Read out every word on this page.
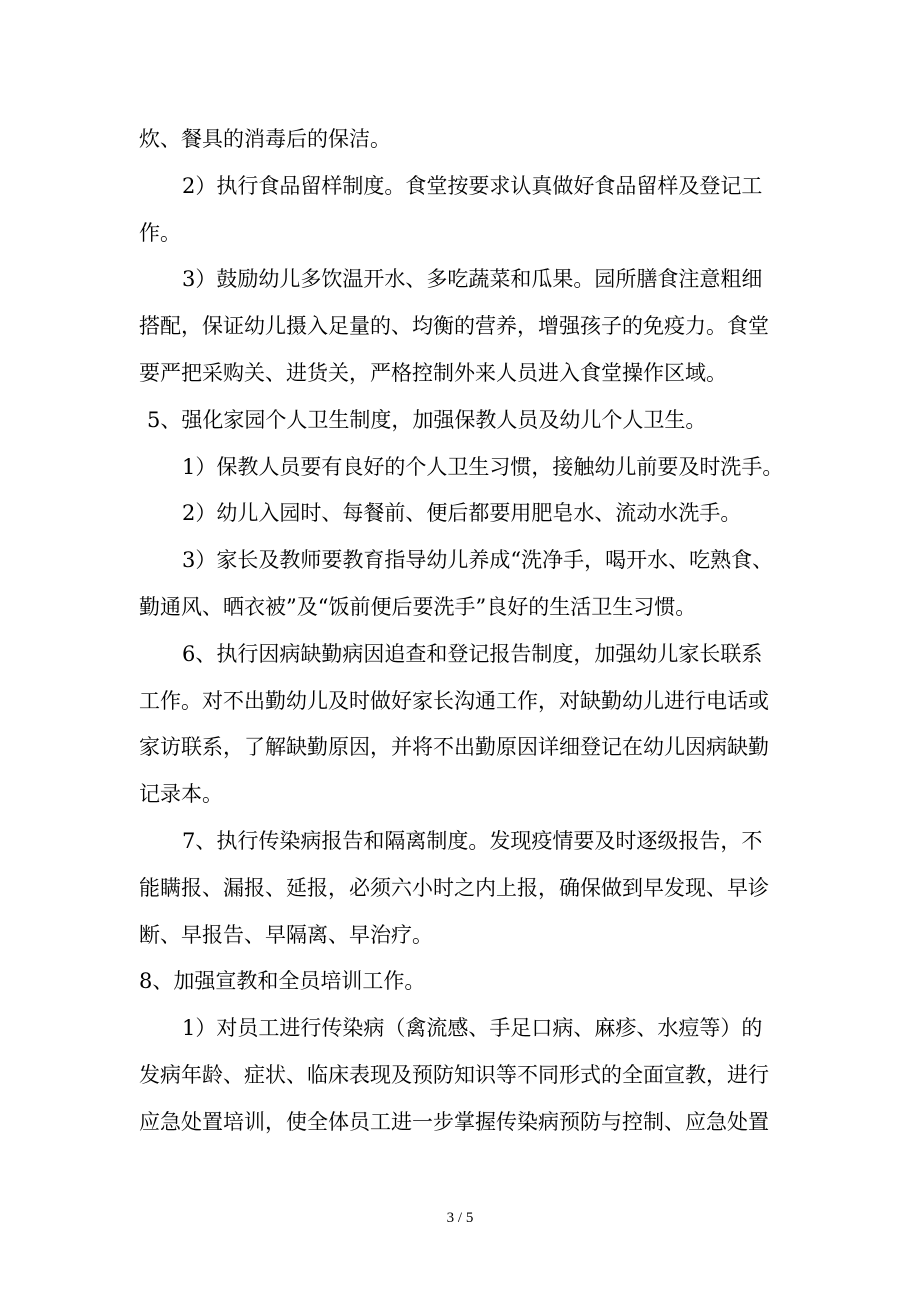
炊、餐具的消毒后的保洁。
2）执行食品留样制度。食堂按要求认真做好食品留样及登记工
作。
3）鼓励幼儿多饮温开水、多吃蔬菜和瓜果。园所膳食注意粗细
搭配，保证幼儿摄入足量的、均衡的营养，增强孩子的免疫力。食堂
要严把采购关、进货关，严格控制外来人员进入食堂操作区域。
5、强化家园个人卫生制度，加强保教人员及幼儿个人卫生。
1）保教人员要有良好的个人卫生习惯，接触幼儿前要及时洗手。
2）幼儿入园时、每餐前、便后都要用肥皂水、流动水洗手。
3）家长及教师要教育指导幼儿养成“洗净手，喝开水、吃熟食、
勤通风、晒衣被”及“饭前便后要洗手”良好的生活卫生习惯。
6、执行因病缺勤病因追查和登记报告制度，加强幼儿家长联系
工作。对不出勤幼儿及时做好家长沟通工作，对缺勤幼儿进行电话或
家访联系，了解缺勤原因，并将不出勤原因详细登记在幼儿因病缺勤
记录本。
7、执行传染病报告和隔离制度。发现疫情要及时逐级报告，不
能瞒报、漏报、延报，必须六小时之内上报，确保做到早发现、早诊
断、早报告、早隔离、早治疗。
8、加强宣教和全员培训工作。
1）对员工进行传染病（禽流感、手足口病、麻疹、水痘等）的
发病年龄、症状、临床表现及预防知识等不同形式的全面宣教，进行
应急处置培训，使全体员工进一步掌握传染病预防与控制、应急处置
3 / 5
